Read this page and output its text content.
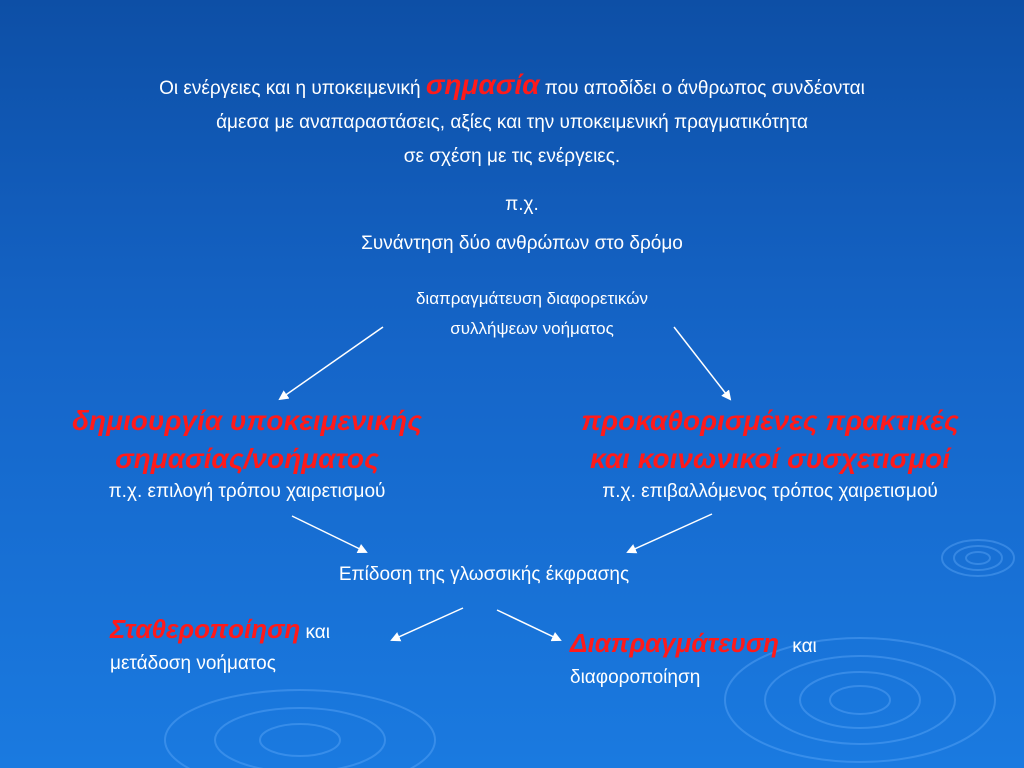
Οι ενέργειες και η υποκειμενική σημασία που αποδίδει ο άνθρωπος συνδέονται
άμεσα με αναπαραστάσεις, αξίες και την υποκειμενική πραγματικότητα
σε σχέση με τις ενέργειες.
π.χ.
Συνάντηση δύο ανθρώπων στο δρόμο
διαπραγμάτευση διαφορετικών
συλλήψεων νοήματος
δημιουργία υποκειμενικής
σημασίας/νοήματος
π.χ. επιλογή τρόπου χαιρετισμού
προκαθορισμένες πρακτικές
και κοινωνικοί συσχετισμοί
π.χ. επιβαλλόμενος τρόπος χαιρετισμού
Επίδοση της γλωσσικής έκφρασης
Σταθεροποίηση και
μετάδοση νοήματος
Διαπραγμάτευση και
διαφοροποίηση
